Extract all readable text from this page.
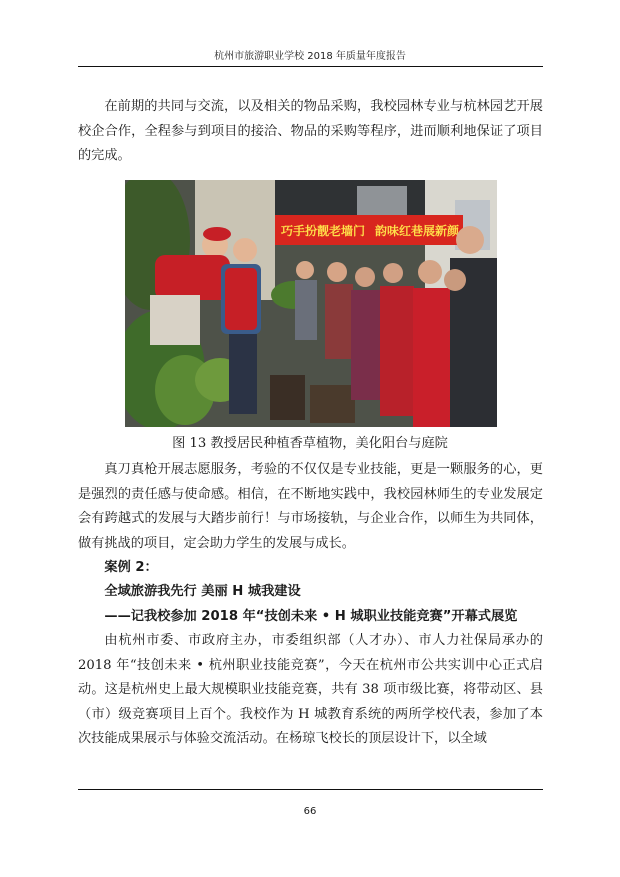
杭州市旅游职业学校 2018 年质量年度报告

在前期的共同与交流，以及相关的物品采购，我校园林专业与杭林园艺开展校企合作，全程参与到项目的接洽、物品的采购等程序，进而顺利地保证了项目的完成。

巧手扮靓老墙门 韵味红巷展新颜
图 13 教授居民种植香草植物，美化阳台与庭院

真刀真枪开展志愿服务，考验的不仅仅是专业技能，更是一颗服务的心，更是强烈的责任感与使命感。相信，在不断地实践中，我校园林师生的专业发展定会有跨越式的发展与大踏步前行！与市场接轨，与企业合作，以师生为共同体，做有挑战的项目，定会助力学生的发展与成长。

案例 2：
全域旅游我先行 美丽 H 城我建设
——记我校参加 2018 年“技创未来 • H 城职业技能竞赛”开幕式展览

由杭州市委、市政府主办，市委组织部（人才办）、市人力社保局承办的 2018 年“技创未来 • 杭州职业技能竞赛”，今天在杭州市公共实训中心正式启动。这是杭州史上最大规模职业技能竞赛，共有 38 项市级比赛，将带动区、县（市）级竞赛项目上百个。我校作为 H 城教育系统的两所学校代表，参加了本次技能成果展示与体验交流活动。在杨琼飞校长的顶层设计下，以全域

66
